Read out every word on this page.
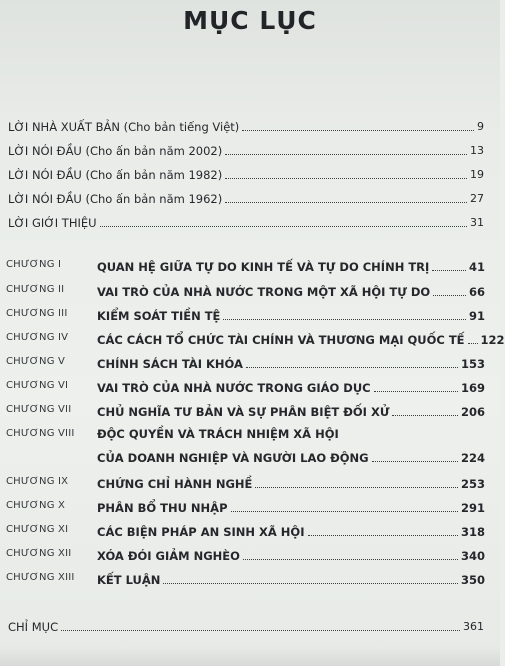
MỤC LỤC
LỜI NHÀ XUẤT BẢN (Cho bản tiếng Việt)	9
LỜI NÓI ĐẦU (Cho ấn bản năm 2002)	13
LỜI NÓI ĐẦU (Cho ấn bản năm 1982)	19
LỜI NÓI ĐẦU (Cho ấn bản năm 1962)	27
LỜI GIỚI THIỆU	31
CHƯƠNG I	QUAN HỆ GIỮA TỰ DO KINH TẾ VÀ TỰ DO CHÍNH TRỊ	41
CHƯƠNG II	VAI TRÒ CỦA NHÀ NƯỚC TRONG MỘT XÃ HỘI TỰ DO	66
CHƯƠNG III	KIỂM SOÁT TIỀN TỆ	91
CHƯƠNG IV	CÁC CÁCH TỔ CHỨC TÀI CHÍNH VÀ THƯƠNG MẠI QUỐC TẾ 122
CHƯƠNG V	CHÍNH SÁCH TÀI KHÓA	153
CHƯƠNG VI	VAI TRÒ CỦA NHÀ NƯỚC TRONG GIÁO DỤC	169
CHƯƠNG VII	CHỦ NGHĨA TƯ BẢN VÀ SỰ PHÂN BIỆT ĐỐI XỬ	206
CHƯƠNG VIII	ĐỘC QUYỀN VÀ TRÁCH NHIỆM XÃ HỘI
CỦA DOANH NGHIỆP VÀ NGƯỜI LAO ĐỘNG	224
CHƯƠNG IX	CHỨNG CHỈ HÀNH NGHỀ	253
CHƯƠNG X	PHÂN BỔ THU NHẬP	291
CHƯƠNG XI	CÁC BIỆN PHÁP AN SINH XÃ HỘI	318
CHƯƠNG XII	XÓA ĐÓI GIẢM NGHÈO	340
CHƯƠNG XIII	KẾT LUẬN	350
CHỈ MỤC	361
